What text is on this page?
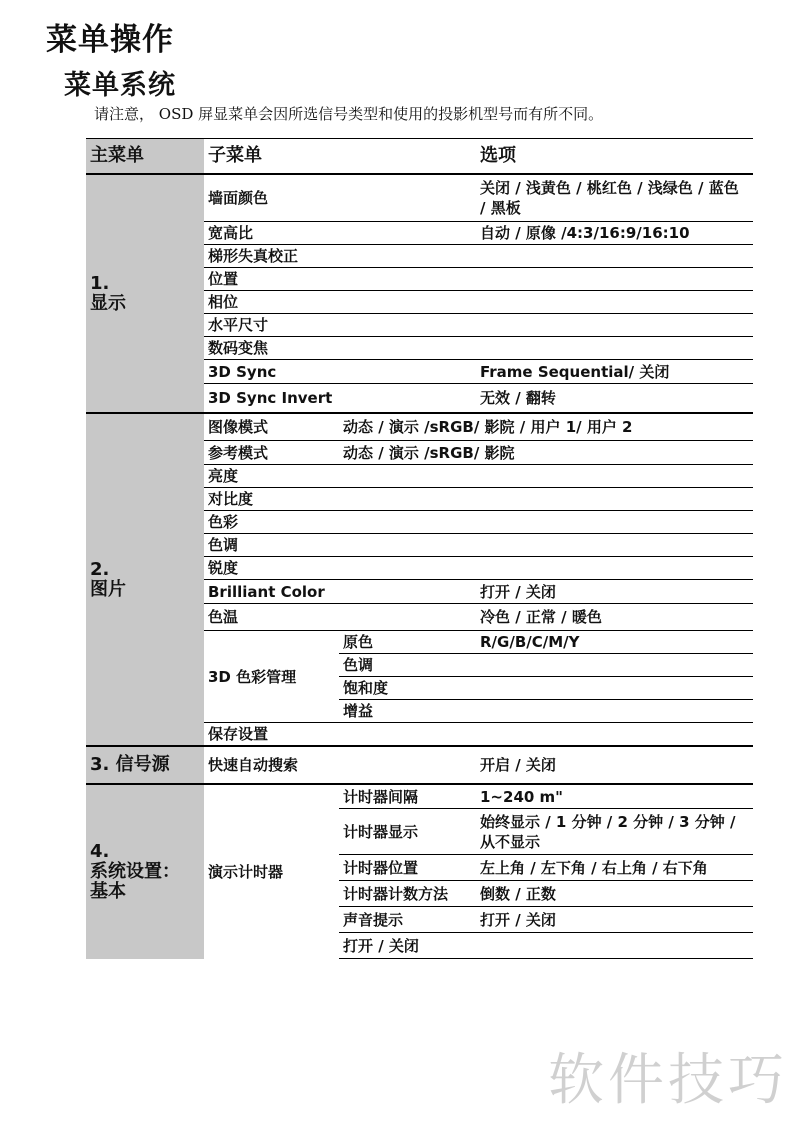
菜单操作
菜单系统
请注意， OSD 屏显菜单会因所选信号类型和使用的投影机型号而有所不同。
主菜单	子菜单		选项

1.
显示	墙面颜色		关闭 / 浅黄色 / 桃红色 / 浅绿色 / 蓝色 / 黑板
	宽高比		自动 / 原像 /4:3/16:9/16:10
	梯形失真校正		
	位置		
	相位		
	水平尺寸		
	数码变焦		
	3D Sync		Frame Sequential/ 关闭
	3D Sync Invert		无效 / 翻转

2.
图片	图像模式	动态 / 演示 /sRGB/ 影院 / 用户 1/ 用户 2	
	参考模式	动态 / 演示 /sRGB/ 影院	
	亮度		
	对比度		
	色彩		
	色调		
	锐度		
	Brilliant Color		打开 / 关闭
	色温		冷色 / 正常 / 暖色
	3D 色彩管理	原色	R/G/B/C/M/Y
		色调	
		饱和度	
		增益	
	保存设置		
3. 信号源	快速自动搜索		开启 / 关闭

4.
系统设置：
基本	演示计时器	计时器间隔	1~240 m"
		计时器显示	始终显示 / 1 分钟 / 2 分钟 / 3 分钟 / 从不显示
		计时器位置	左上角 / 左下角 / 右上角 / 右下角
		计时器计数方法	倒数 / 正数
		声音提示	打开 / 关闭
		打开 / 关闭	
软件技巧
